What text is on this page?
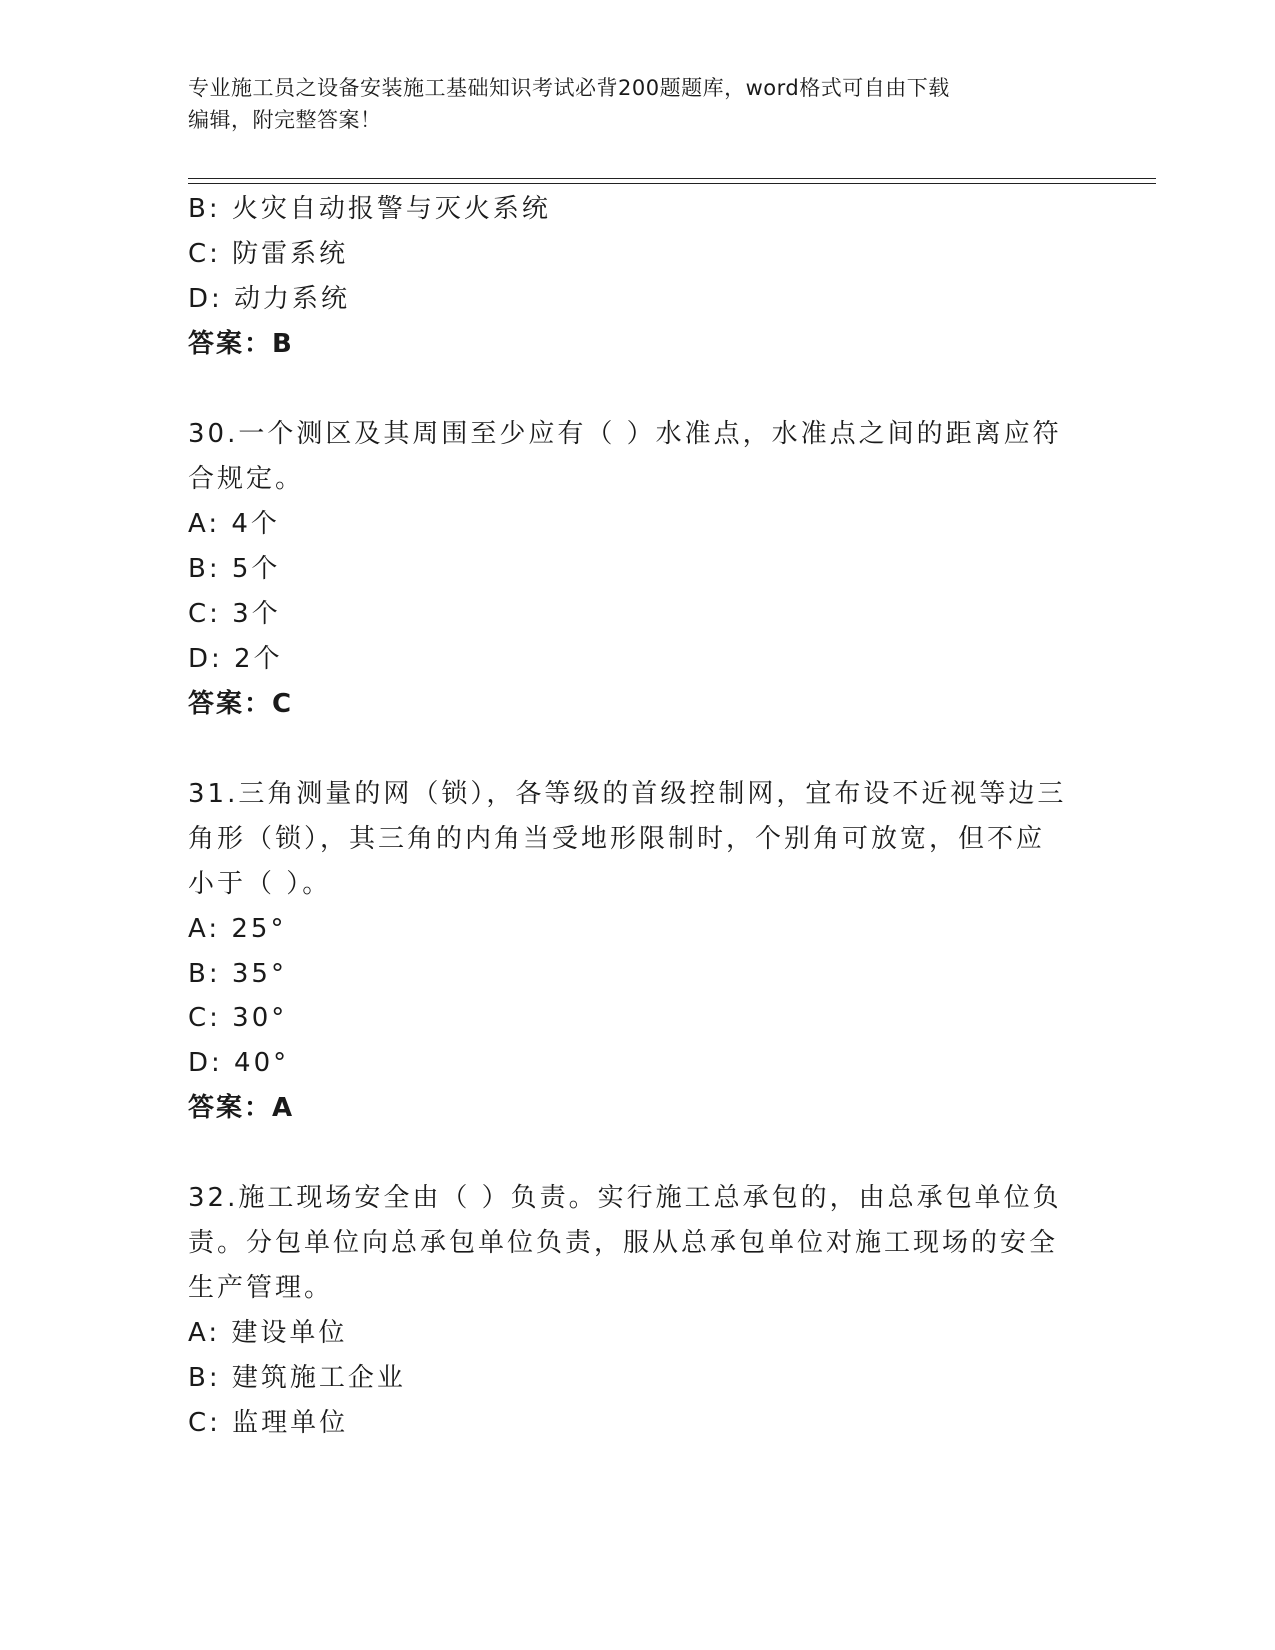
专业施工员之设备安装施工基础知识考试必背200题题库，word格式可自由下载
编辑，附完整答案！
B: 火灾自动报警与灭火系统
C: 防雷系统
D: 动力系统
答案：B
30.一个测区及其周围至少应有（ ）水准点，水准点之间的距离应符
合规定。
A: 4个
B: 5个
C: 3个
D: 2个
答案：C
31.三角测量的网（锁），各等级的首级控制网，宜布设不近视等边三
角形（锁），其三角的内角当受地形限制时，个别角可放宽，但不应
小于（ ）。
A: 25°
B: 35°
C: 30°
D: 40°
答案：A
32.施工现场安全由（ ）负责。实行施工总承包的，由总承包单位负
责。分包单位向总承包单位负责，服从总承包单位对施工现场的安全
生产管理。
A: 建设单位
B: 建筑施工企业
C: 监理单位
